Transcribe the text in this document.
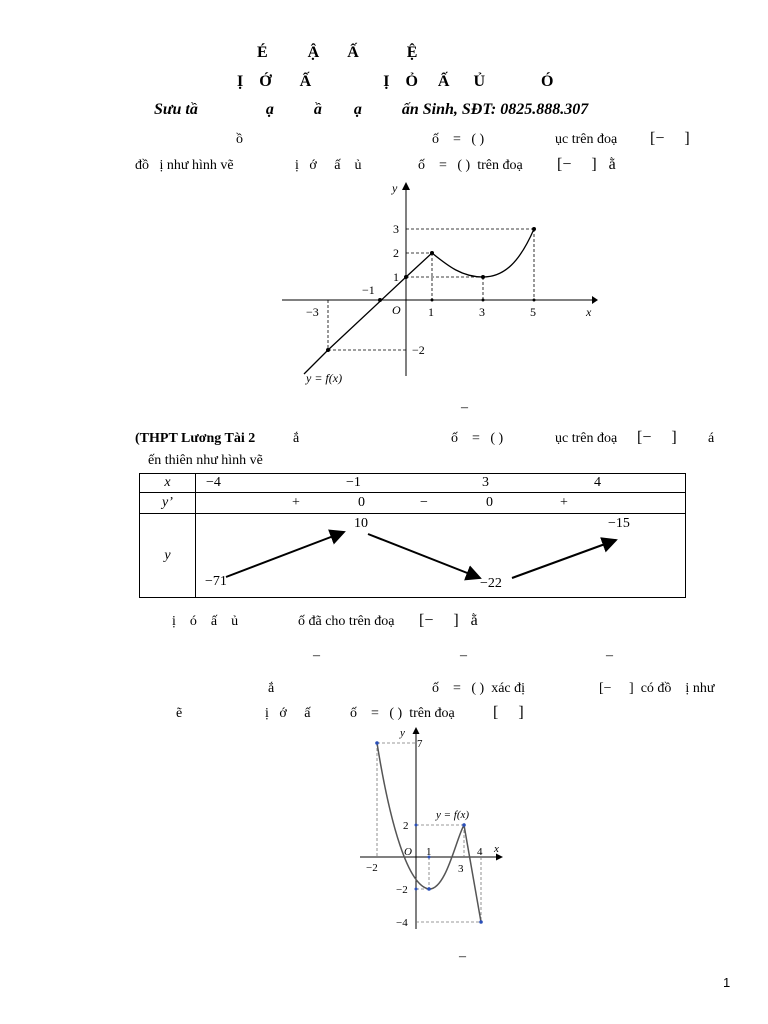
É          Ậ       Ấ            Ệ
Ị    Ớ       Ấ                  Ị    Ỏ     Ấ      Ủ              Ó
Sưu tầ                 ạ          ầ        ạ          ấn Sinh, SĐT: 0825.888.307
ồ	ố    =   ( )	ục trên đoạ [−     ]
đồ   ị như hình vẽ	ị   ớ     ấ    ủ	ố    =   ( )  trên đoạ [−     ]   ằ
x
y
O
−3
−1
1	3	5
3
2
1
−2
y = f(x)
–
(THPT Lương Tài 2	ắ	ố    =   ( )	ục trên đoạ [−     ] á
ến thiên như hình vẽ
x	−4 −1 3 4

y’	+ 0 − 0 +

y	−71
10
−22
−15
ị    ó    ấ    ủ	ố đã cho trên đoạ [−     ]   ằ
–	–	–
ắ	ố    =   ( )  xác đị	[−     ]  có đồ    ị như
ẽ	ị   ớ     ấ	ố    =   ( )  trên đoạ [     ]
x
y
O
−2
1
3
4
7
2
−2
−4
y = f(x)
–
1
